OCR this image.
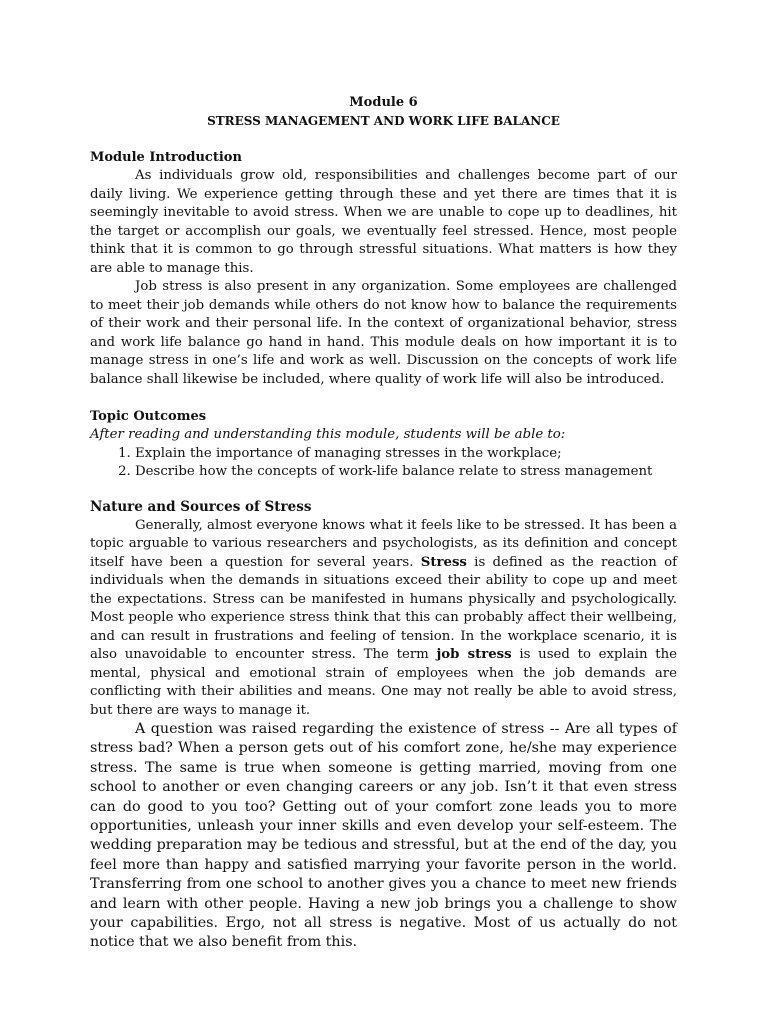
Module 6
STRESS MANAGEMENT AND WORK LIFE BALANCE
Module Introduction

As individuals grow old, responsibilities and challenges become part of our daily living. We experience getting through these and yet there are times that it is seemingly inevitable to avoid stress. When we are unable to cope up to deadlines, hit the target or accomplish our goals, we eventually feel stressed. Hence, most people think that it is common to go through stressful situations. What matters is how they are able to manage this.

Job stress is also present in any organization. Some employees are challenged to meet their job demands while others do not know how to balance the requirements of their work and their personal life. In the context of organizational behavior, stress and work life balance go hand in hand. This module deals on how important it is to manage stress in one’s life and work as well. Discussion on the concepts of work life balance shall likewise be included, where quality of work life will also be introduced.

Topic Outcomes
After reading and understanding this module, students will be able to:
1. Explain the importance of managing stresses in the workplace;
2. Describe how the concepts of work-life balance relate to stress management
Nature and Sources of Stress

Generally, almost everyone knows what it feels like to be stressed. It has been a topic arguable to various researchers and psychologists, as its definition and concept itself have been a question for several years. Stress is defined as the reaction of individuals when the demands in situations exceed their ability to cope up and meet the expectations. Stress can be manifested in humans physically and psychologically. Most people who experience stress think that this can probably affect their wellbeing, and can result in frustrations and feeling of tension. In the workplace scenario, it is also unavoidable to encounter stress. The term job stress is used to explain the mental, physical and emotional strain of employees when the job demands are conflicting with their abilities and means. One may not really be able to avoid stress, but there are ways to manage it.

A question was raised regarding the existence of stress -- Are all types of stress bad? When a person gets out of his comfort zone, he/she may experience stress. The same is true when someone is getting married, moving from one school to another or even changing careers or any job. Isn’t it that even stress can do good to you too? Getting out of your comfort zone leads you to more opportunities, unleash your inner skills and even develop your self-esteem. The wedding preparation may be tedious and stressful, but at the end of the day, you feel more than happy and satisfied marrying your favorite person in the world. Transferring from one school to another gives you a chance to meet new friends and learn with other people. Having a new job brings you a challenge to show your capabilities. Ergo, not all stress is negative. Most of us actually do not notice that we also benefit from this.
